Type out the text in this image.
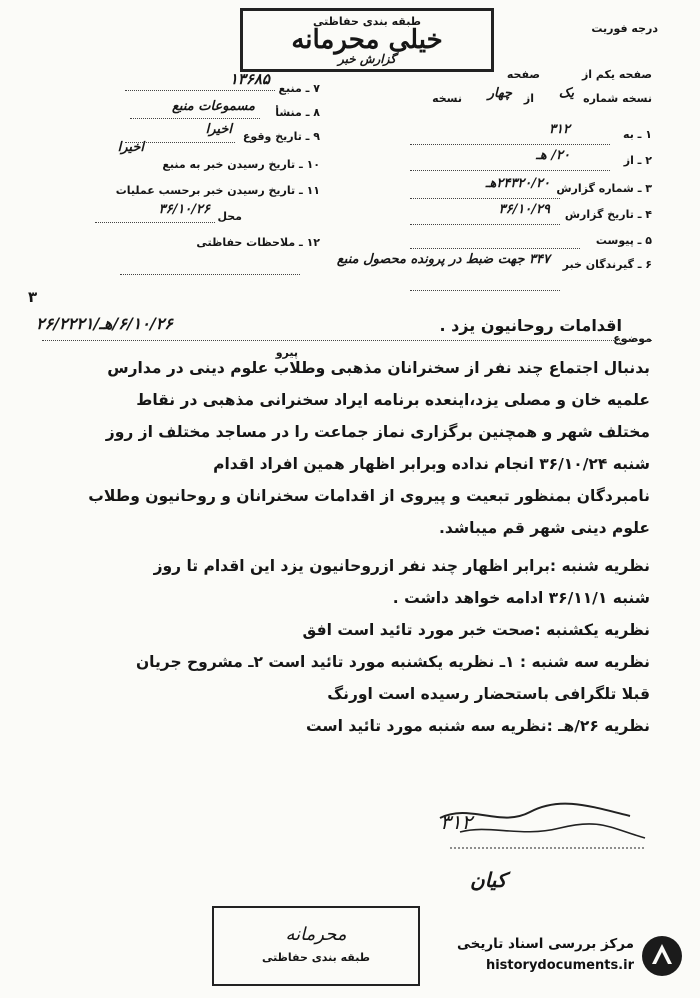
طبقه بندی حفاظتی
خیلی محرمانه
گزارش خبر
درجه فوریت
صفحه یکم از
صفحه
نسخه شماره
یک
از
چهار
نسخه
۱ ـ به
۳۱۲
۲ ـ از
۲۰/ هـ
۳ ـ شماره گزارش
۲۴۳۲۰/۲۰هـ
۴ ـ تاریخ گزارش
۳۶/۱۰/۲۹
۵ ـ پیوست
۶ ـ گیرندگان خبر
۳۴۷ جهت ضبط در پرونده محصول منبع
۷ ـ منبع
۱۳۶۸۵
۸ ـ منشأ
مسموعات منبع
۹ ـ تاریخ وقوع
اخیرا
۱۰ ـ تاریخ رسیدن خبر به منبع
اخیرا
۱۱ ـ تاریخ رسیدن خبر برحسب عملیات
محل
۳۶/۱۰/۲۶
۱۲ ـ ملاحظات حفاظتی
۳
موضوع
اقدامات روحانیون یزد .
پیرو
۶/۱۰/۲۶/هـ/۲۶/۲۲۲۱

بدنبال اجتماع چند نفر از سخنرانان مذهبی وطلاب علوم دینی در مدارس

علمیه خان و مصلی یزد،اینعده برنامه ایراد سخنرانی مذهبی در نقاط

مختلف شهر و همچنین برگزاری نماز جماعت را در مساجد مختلف از روز

شنبه ۳۶/۱۰/۲۴ انجام نداده وبرابر اظهار همین افراد اقدام

نامبردگان بمنظور تبعیت و پیروی از اقدامات سخنرانان و روحانیون وطلاب

علوم دینی شهر قم میباشد.

نظریه شنبه :برابر اظهار چند نفر ازروحانیون یزد این اقدام تا روز

شنبه ۳۶/۱۱/۱ ادامه خواهد داشت .

نظریه یکشنبه :صحت خبر مورد تائید است افق

نظریه سه شنبه : ۱ـ نظریه یکشنبه مورد تائید است ۲ـ مشروح جریان

قبلا تلگرافی باستحضار رسیده است اورنگ

نظریه ۲۶/هـ :نظریه سه شنبه مورد تائید است

۳۱۲
کیان
محرمانه
طبقه بندی حفاظتی
مرکز بررسی اسناد تاریخی
historydocuments.ir
